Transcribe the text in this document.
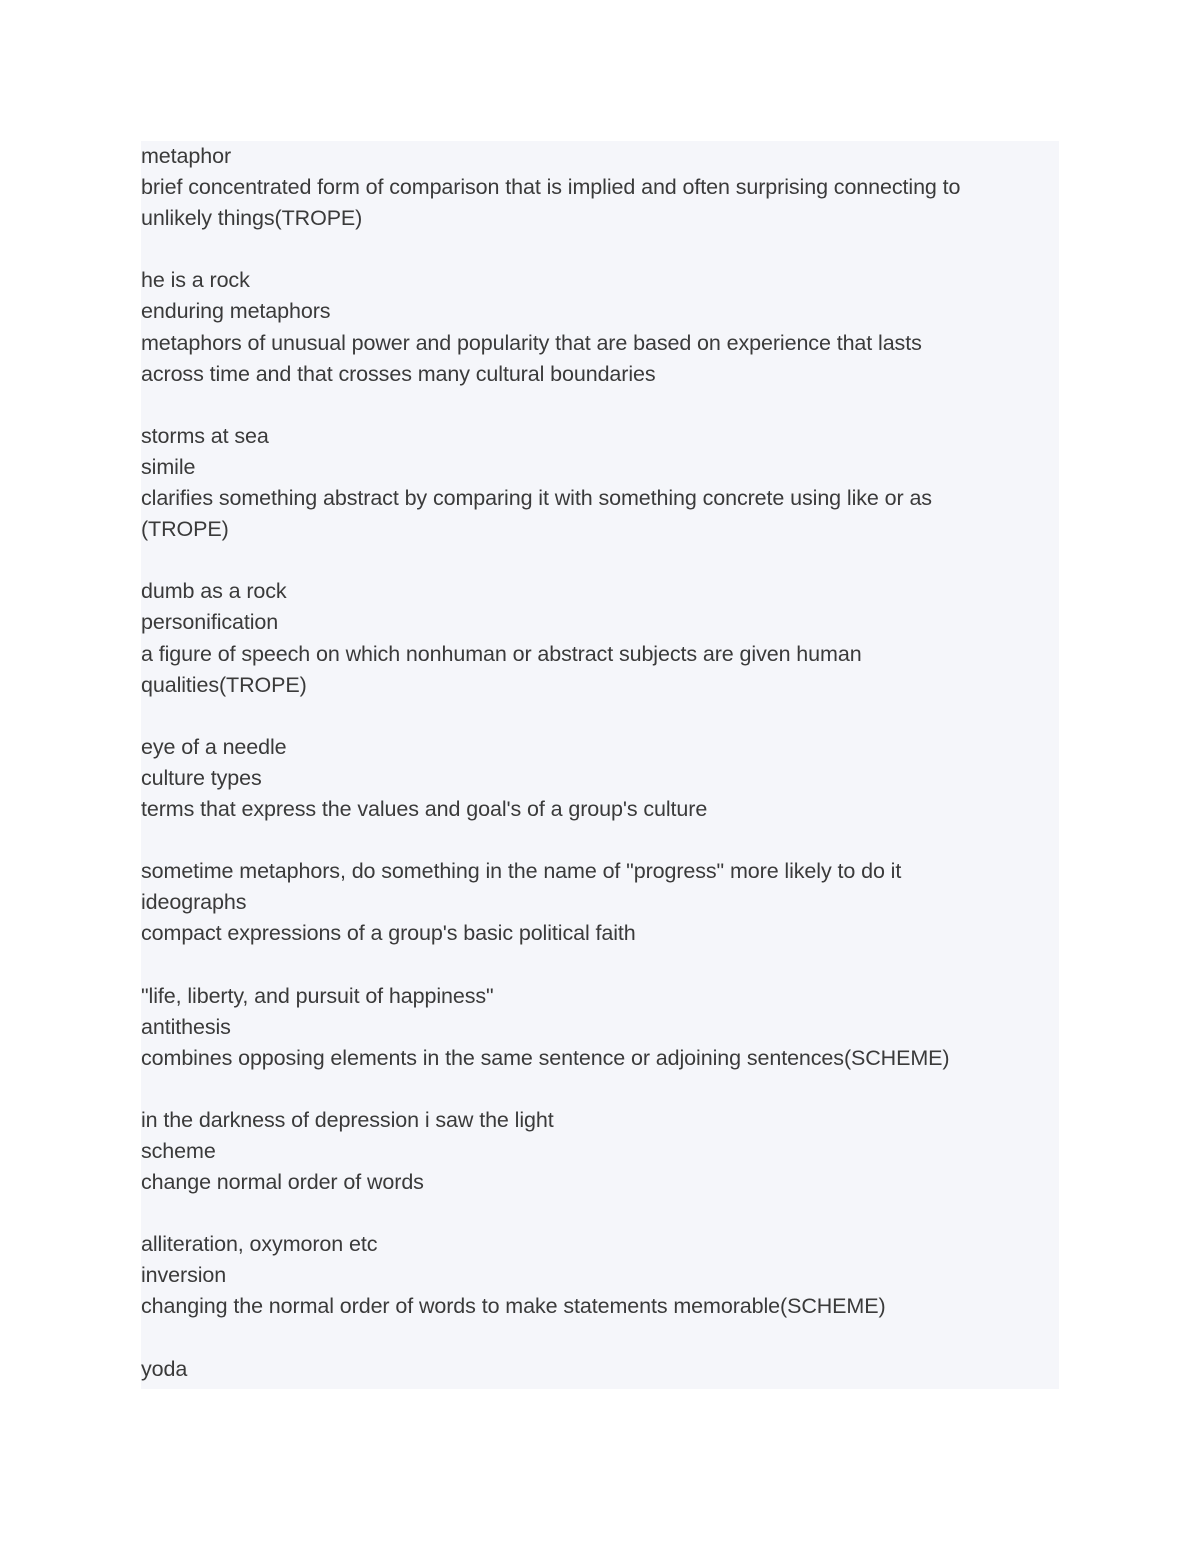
metaphor

brief concentrated form of comparison that is implied and often surprising connecting to

unlikely things(TROPE)

he is a rock

enduring metaphors

metaphors of unusual power and popularity that are based on experience that lasts

across time and that crosses many cultural boundaries

storms at sea

simile

clarifies something abstract by comparing it with something concrete using like or as

(TROPE)

dumb as a rock

personification

a figure of speech on which nonhuman or abstract subjects are given human

qualities(TROPE)

eye of a needle

culture types

terms that express the values and goal's of a group's culture

sometime metaphors, do something in the name of "progress" more likely to do it

ideographs

compact expressions of a group's basic political faith

"life, liberty, and pursuit of happiness"

antithesis

combines opposing elements in the same sentence or adjoining sentences(SCHEME)

in the darkness of depression i saw the light

scheme

change normal order of words

alliteration, oxymoron etc

inversion

changing the normal order of words to make statements memorable(SCHEME)

yoda
